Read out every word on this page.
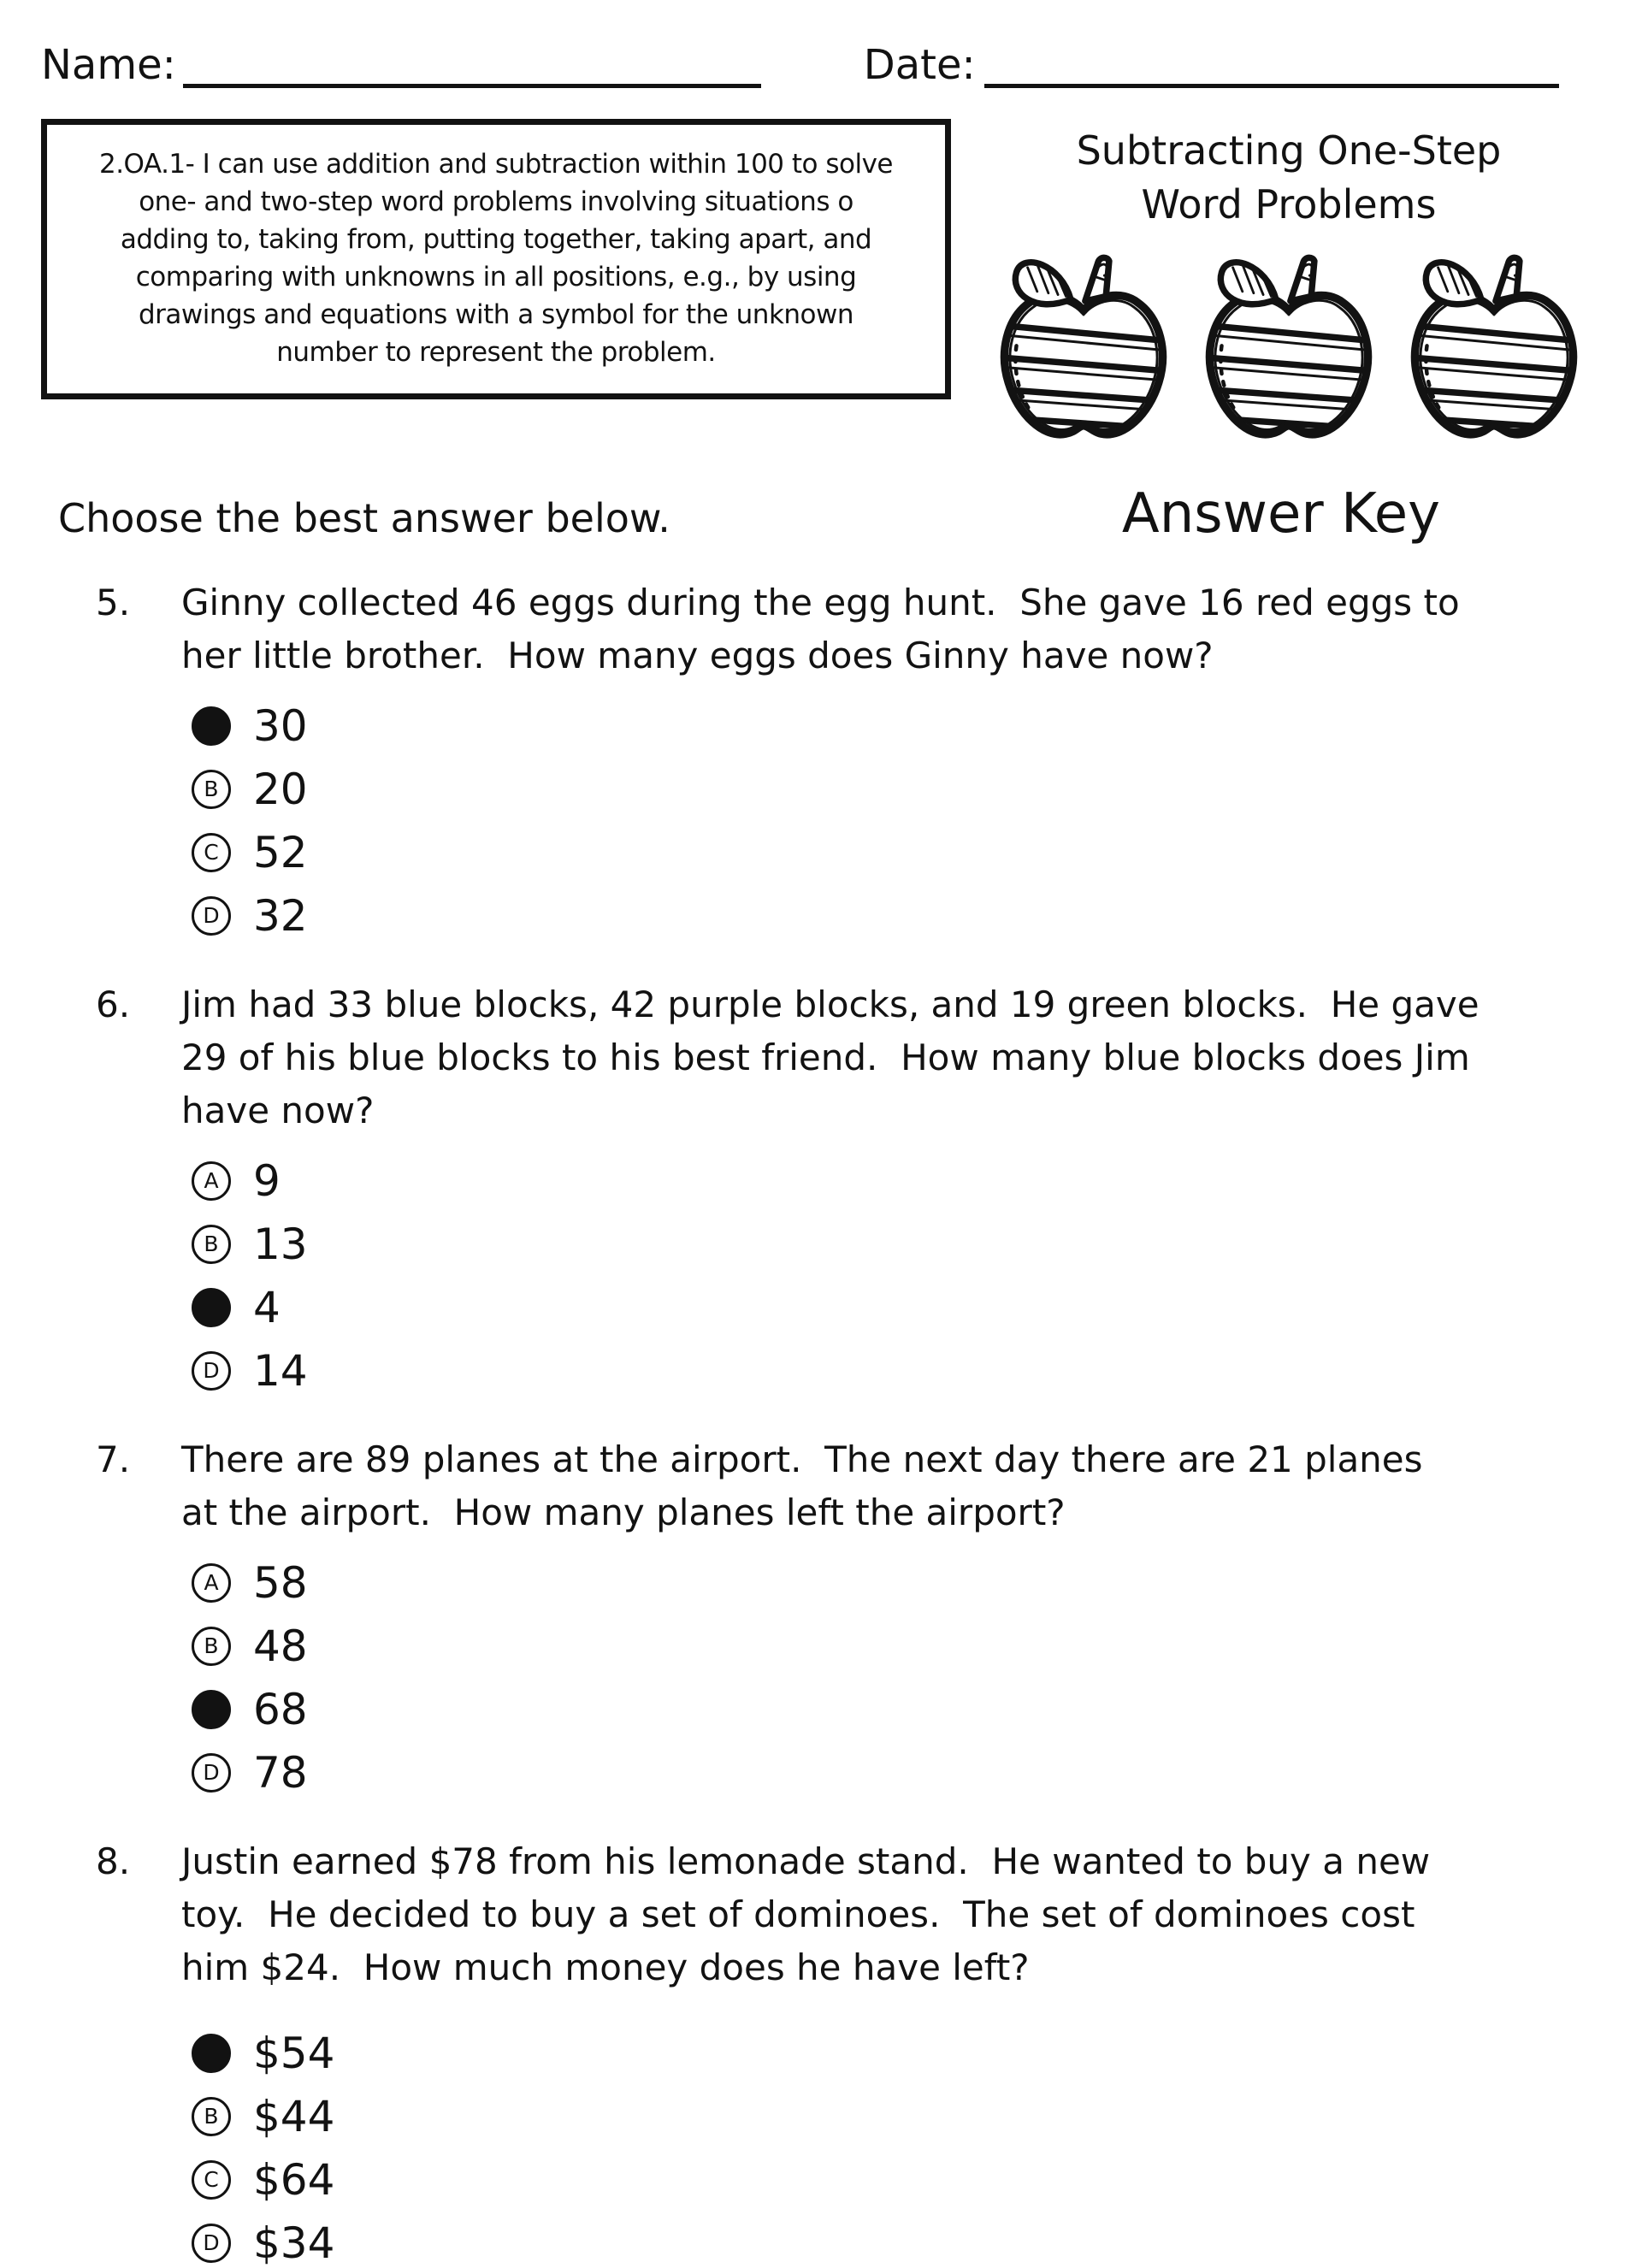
Name:	Date:
2.OA.1- I can use addition and subtraction within 100 to solve
one- and two-step word problems involving situations o
adding to, taking from, putting together, taking apart, and
comparing with unknowns in all positions, e.g., by using
drawings and equations with a symbol for the unknown
number to represent the problem.
Subtracting One-Step
Word Problems
Choose the best answer below.	Answer Key
5.	Ginny collected 46 eggs during the egg hunt.  She gave 16 red eggs to
her little brother.  How many eggs does Ginny have now?
30
B 20
C 52
D 32
6.	Jim had 33 blue blocks, 42 purple blocks, and 19 green blocks.  He gave
29 of his blue blocks to his best friend.  How many blue blocks does Jim
have now?
A 9
B 13
4
D 14
7.	There are 89 planes at the airport.  The next day there are 21 planes
at the airport.  How many planes left the airport?
A 58
B 48
68
D 78
8.	Justin earned $78 from his lemonade stand.  He wanted to buy a new
toy.  He decided to buy a set of dominoes.  The set of dominoes cost
him $24.  How much money does he have left?
$54
B $44
C $64
D $34
